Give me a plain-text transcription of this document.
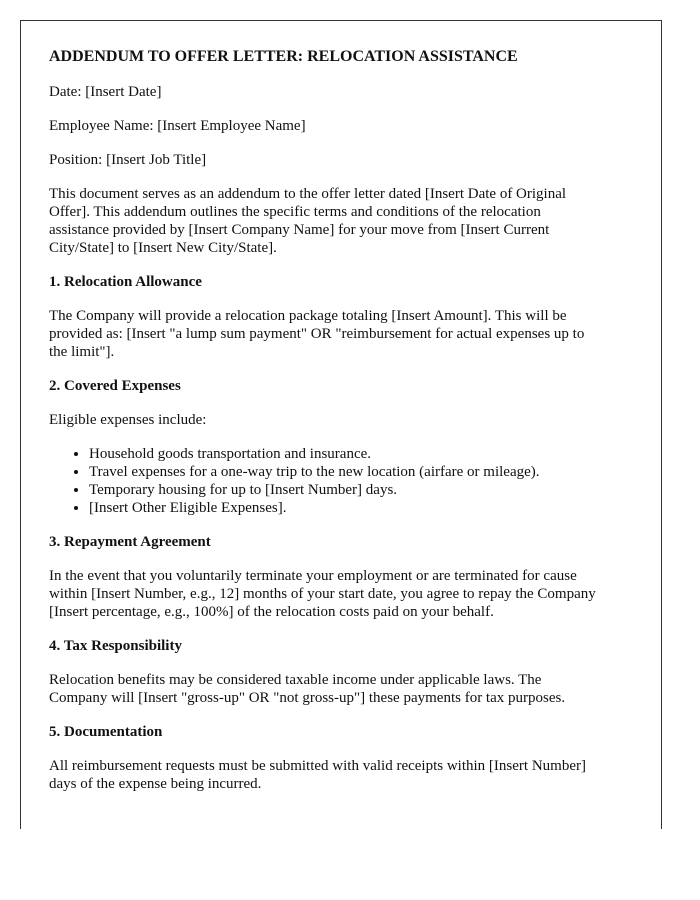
ADDENDUM TO OFFER LETTER: RELOCATION ASSISTANCE

Date: [Insert Date]

Employee Name: [Insert Employee Name]

Position: [Insert Job Title]

This document serves as an addendum to the offer letter dated [Insert Date of Original
Offer]. This addendum outlines the specific terms and conditions of the relocation
assistance provided by [Insert Company Name] for your move from [Insert Current
City/State] to [Insert New City/State].

1. Relocation Allowance

The Company will provide a relocation package totaling [Insert Amount]. This will be
provided as: [Insert "a lump sum payment" OR "reimbursement for actual expenses up to
the limit"].

2. Covered Expenses

Eligible expenses include:

• Household goods transportation and insurance.
• Travel expenses for a one-way trip to the new location (airfare or mileage).
• Temporary housing for up to [Insert Number] days.
• [Insert Other Eligible Expenses].
3. Repayment Agreement

In the event that you voluntarily terminate your employment or are terminated for cause
within [Insert Number, e.g., 12] months of your start date, you agree to repay the Company
[Insert percentage, e.g., 100%] of the relocation costs paid on your behalf.

4. Tax Responsibility

Relocation benefits may be considered taxable income under applicable laws. The
Company will [Insert "gross-up" OR "not gross-up"] these payments for tax purposes.

5. Documentation

All reimbursement requests must be submitted with valid receipts within [Insert Number]
days of the expense being incurred.
